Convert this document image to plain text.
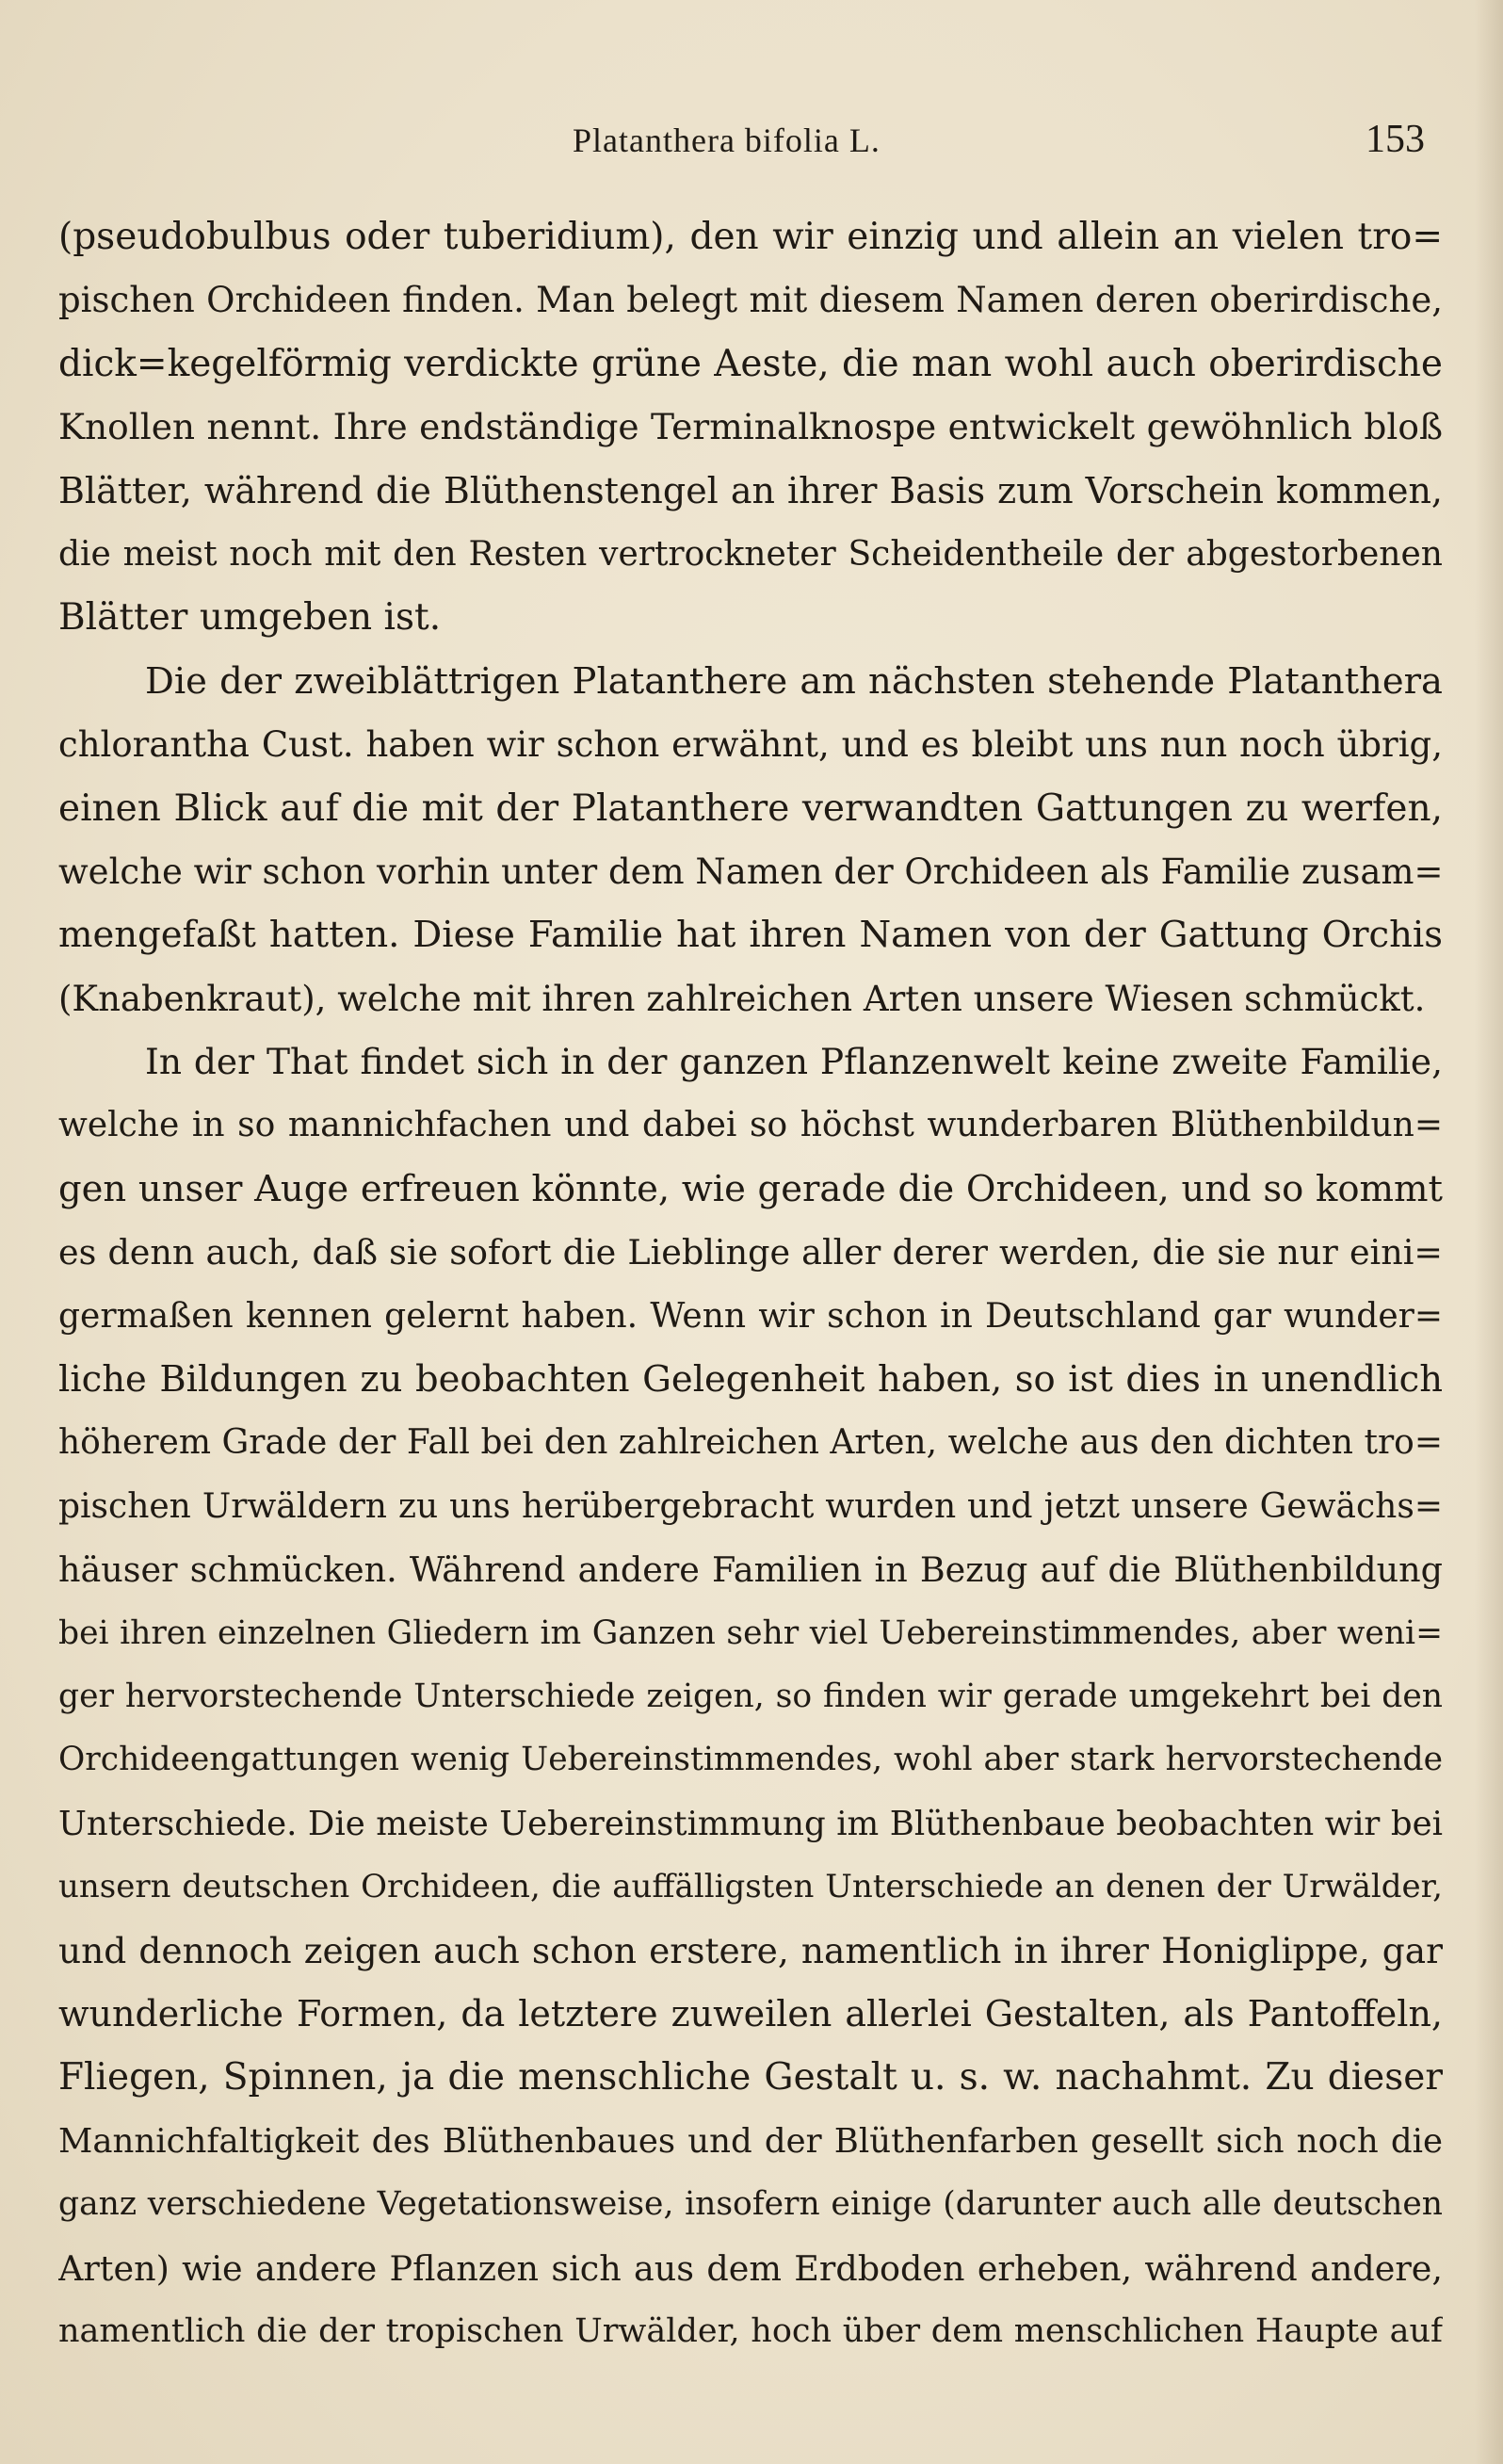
Platanthera bifolia L.	153
(pseudobulbus oder tuberidium), den wir einzig und allein an vielen tro=
pischen Orchideen finden. Man belegt mit diesem Namen deren oberirdische,
dick=kegelförmig verdickte grüne Aeste, die man wohl auch oberirdische
Knollen nennt. Ihre endständige Terminalknospe entwickelt gewöhnlich bloß
Blätter, während die Blüthenstengel an ihrer Basis zum Vorschein kommen,
die meist noch mit den Resten vertrockneter Scheidentheile der abgestorbenen
Blätter umgeben ist.
Die der zweiblättrigen Platanthere am nächsten stehende Platanthera
chlorantha Cust. haben wir schon erwähnt, und es bleibt uns nun noch übrig,
einen Blick auf die mit der Platanthere verwandten Gattungen zu werfen,
welche wir schon vorhin unter dem Namen der Orchideen als Familie zusam=
mengefaßt hatten. Diese Familie hat ihren Namen von der Gattung Orchis
(Knabenkraut), welche mit ihren zahlreichen Arten unsere Wiesen schmückt.
In der That findet sich in der ganzen Pflanzenwelt keine zweite Familie,
welche in so mannichfachen und dabei so höchst wunderbaren Blüthenbildun=
gen unser Auge erfreuen könnte, wie gerade die Orchideen, und so kommt
es denn auch, daß sie sofort die Lieblinge aller derer werden, die sie nur eini=
germaßen kennen gelernt haben. Wenn wir schon in Deutschland gar wunder=
liche Bildungen zu beobachten Gelegenheit haben, so ist dies in unendlich
höherem Grade der Fall bei den zahlreichen Arten, welche aus den dichten tro=
pischen Urwäldern zu uns herübergebracht wurden und jetzt unsere Gewächs=
häuser schmücken. Während andere Familien in Bezug auf die Blüthenbildung
bei ihren einzelnen Gliedern im Ganzen sehr viel Uebereinstimmendes, aber weni=
ger hervorstechende Unterschiede zeigen, so finden wir gerade umgekehrt bei den
Orchideengattungen wenig Uebereinstimmendes, wohl aber stark hervorstechende
Unterschiede. Die meiste Uebereinstimmung im Blüthenbaue beobachten wir bei
unsern deutschen Orchideen, die auffälligsten Unterschiede an denen der Urwälder,
und dennoch zeigen auch schon erstere, namentlich in ihrer Honiglippe, gar
wunderliche Formen, da letztere zuweilen allerlei Gestalten, als Pantoffeln,
Fliegen, Spinnen, ja die menschliche Gestalt u. s. w. nachahmt. Zu dieser
Mannichfaltigkeit des Blüthenbaues und der Blüthenfarben gesellt sich noch die
ganz verschiedene Vegetationsweise, insofern einige (darunter auch alle deutschen
Arten) wie andere Pflanzen sich aus dem Erdboden erheben, während andere,
namentlich die der tropischen Urwälder, hoch über dem menschlichen Haupte auf
